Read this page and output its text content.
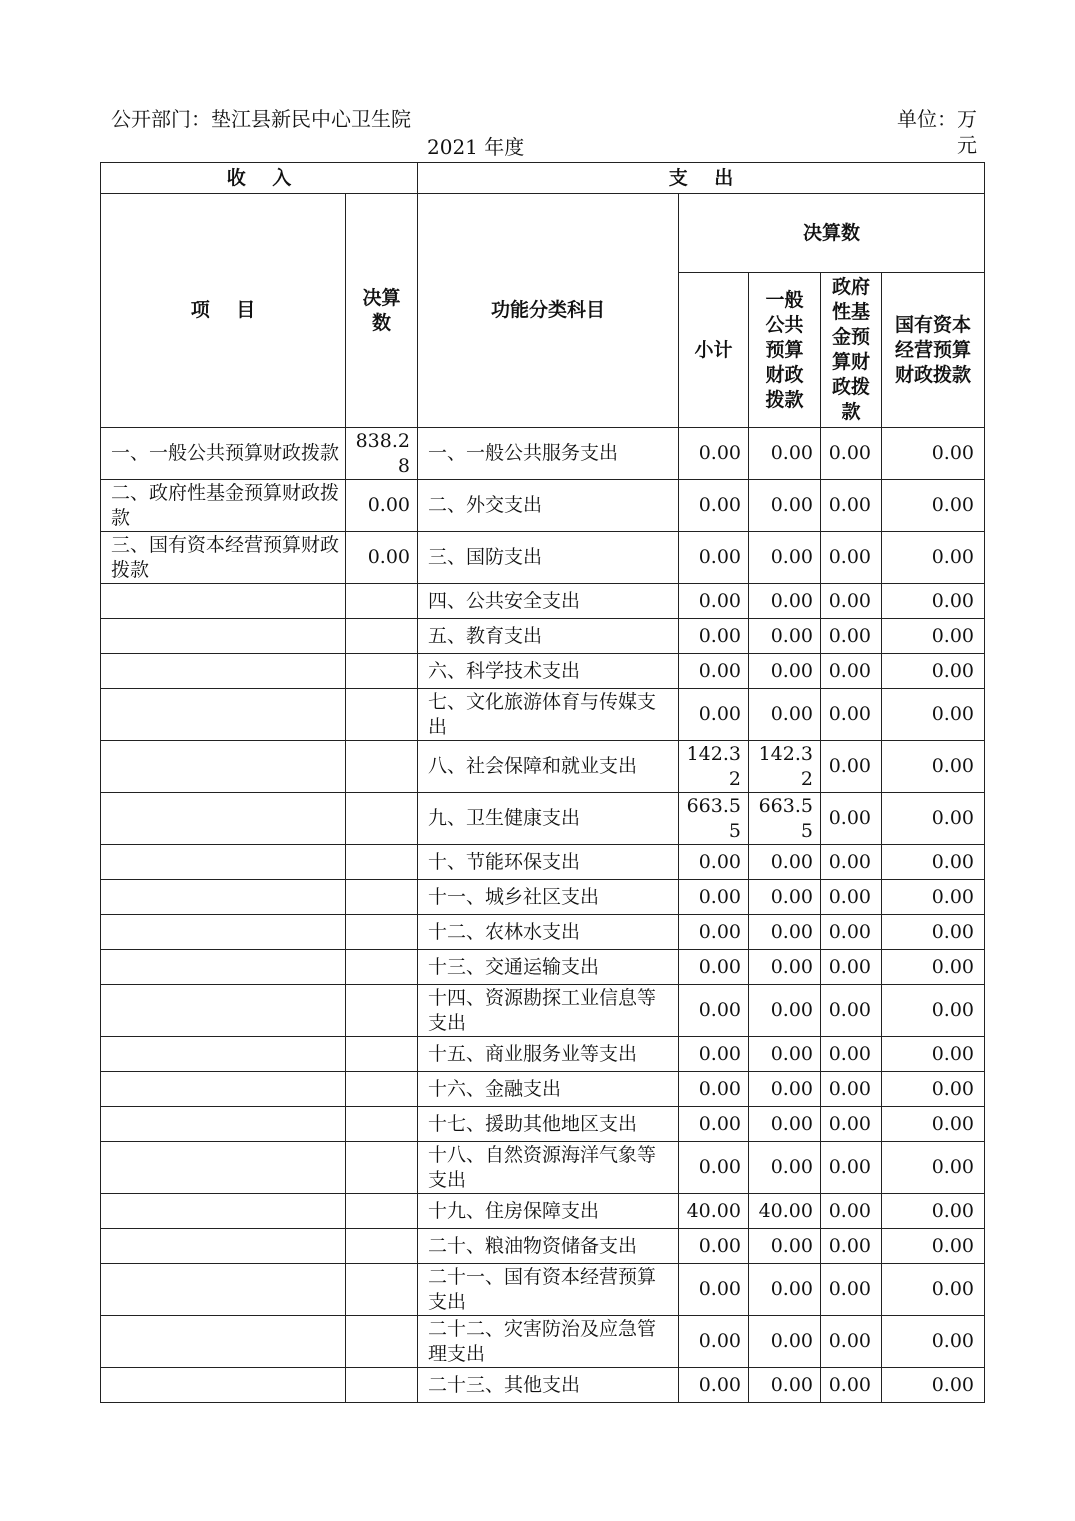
公开部门：垫江县新民中心卫生院
2021 年度
单位：万元
收    入		支    出				
项    目	决算数	功能分类科目	决算数			
			小计	一般公共预算财政拨款	政府性基金预算财政拨款	国有资本经营预算财政拨款
一、一般公共预算财政拨款	838.28	一、一般公共服务支出	0.00	0.00	0.00	0.00
二、政府性基金预算财政拨款	0.00	二、外交支出	0.00	0.00	0.00	0.00
三、国有资本经营预算财政拨款	0.00	三、国防支出	0.00	0.00	0.00	0.00
		四、公共安全支出	0.00	0.00	0.00	0.00
		五、教育支出	0.00	0.00	0.00	0.00
		六、科学技术支出	0.00	0.00	0.00	0.00
		七、文化旅游体育与传媒支出	0.00	0.00	0.00	0.00
		八、社会保障和就业支出	142.32	142.32	0.00	0.00
		九、卫生健康支出	663.55	663.55	0.00	0.00
		十、节能环保支出	0.00	0.00	0.00	0.00
		十一、城乡社区支出	0.00	0.00	0.00	0.00
		十二、农林水支出	0.00	0.00	0.00	0.00
		十三、交通运输支出	0.00	0.00	0.00	0.00
		十四、资源勘探工业信息等支出	0.00	0.00	0.00	0.00
		十五、商业服务业等支出	0.00	0.00	0.00	0.00
		十六、金融支出	0.00	0.00	0.00	0.00
		十七、援助其他地区支出	0.00	0.00	0.00	0.00
		十八、自然资源海洋气象等支出	0.00	0.00	0.00	0.00
		十九、住房保障支出	40.00	40.00	0.00	0.00
		二十、粮油物资储备支出	0.00	0.00	0.00	0.00
		二十一、国有资本经营预算支出	0.00	0.00	0.00	0.00
		二十二、灾害防治及应急管理支出	0.00	0.00	0.00	0.00
		二十三、其他支出	0.00	0.00	0.00	0.00
